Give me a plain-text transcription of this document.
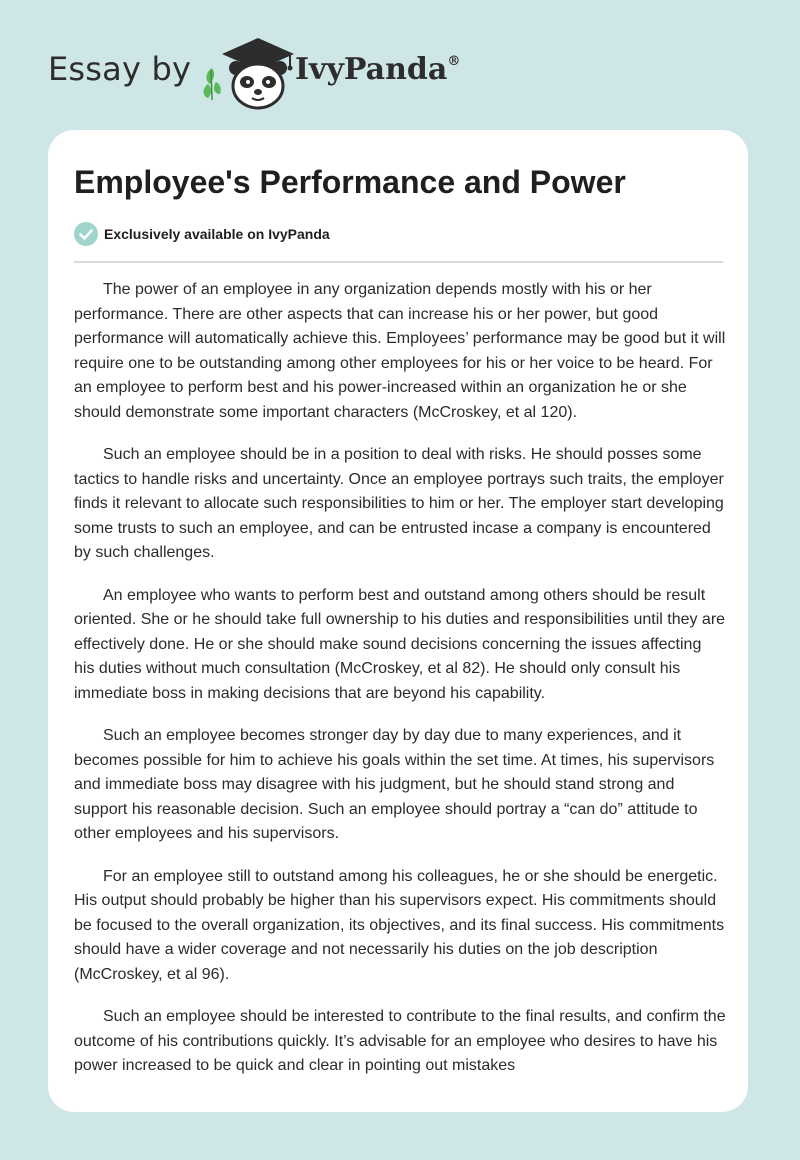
Essay by	IvyPanda®
Employee's Performance and Power
Exclusively available on IvyPanda

The power of an employee in any organization depends mostly with his or her performance. There are other aspects that can increase his or her power, but good performance will automatically achieve this. Employees’ performance may be good but it will require one to be outstanding among other employees for his or her voice to be heard. For an employee to perform best and his power-increased within an organization he or she should demonstrate some important characters (McCroskey, et al 120).

Such an employee should be in a position to deal with risks. He should posses some tactics to handle risks and uncertainty. Once an employee portrays such traits, the employer finds it relevant to allocate such responsibilities to him or her. The employer start developing some trusts to such an employee, and can be entrusted incase a company is encountered by such challenges.

An employee who wants to perform best and outstand among others should be result oriented. She or he should take full ownership to his duties and responsibilities until they are effectively done. He or she should make sound decisions concerning the issues affecting his duties without much consultation (McCroskey, et al 82). He should only consult his immediate boss in making decisions that are beyond his capability.

Such an employee becomes stronger day by day due to many experiences, and it becomes possible for him to achieve his goals within the set time. At times, his supervisors and immediate boss may disagree with his judgment, but he should stand strong and support his reasonable decision. Such an employee should portray a “can do” attitude to other employees and his supervisors.

For an employee still to outstand among his colleagues, he or she should be energetic. His output should probably be higher than his supervisors expect. His commitments should be focused to the overall organization, its objectives, and its final success. His commitments should have a wider coverage and not necessarily his duties on the job description (McCroskey, et al 96).

Such an employee should be interested to contribute to the final results, and confirm the outcome of his contributions quickly. It’s advisable for an employee who desires to have his power increased to be quick and clear in pointing out mistakes
